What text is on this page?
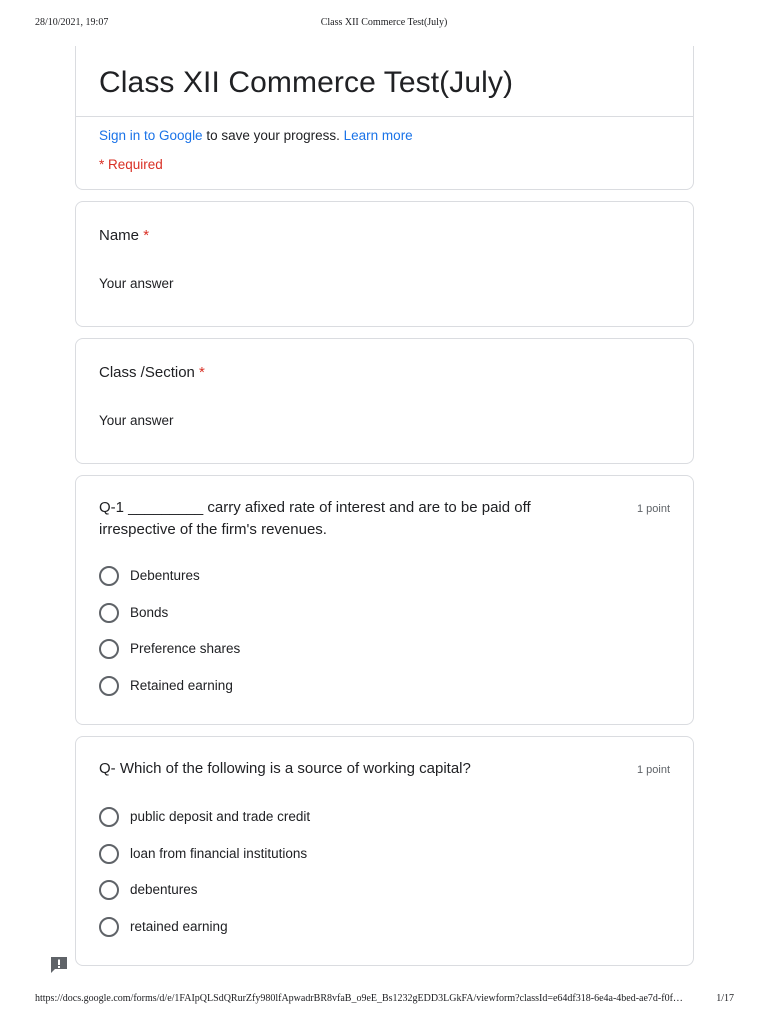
28/10/2021, 19:07	Class XII Commerce Test(July)
Class XII Commerce Test(July)
Sign in to Google to save your progress. Learn more
* Required
Name *
Your answer
Class /Section *
Your answer
Q-1 _________ carry afixed rate of interest and are to be paid off irrespective of the firm's revenues.
1 point
Debentures
Bonds
Preference shares
Retained earning
Q- Which of the following is a source of working capital?	1 point
public deposit and trade credit
loan from financial institutions
debentures
retained earning
https://docs.google.com/forms/d/e/1FAIpQLSdQRurZfy980lfApwadrBR8vfaB_o9eE_Bs1232gEDD3LGkFA/viewform?classId=e64df318-6e4a-4bed-ae7d-f0f…	1/17
